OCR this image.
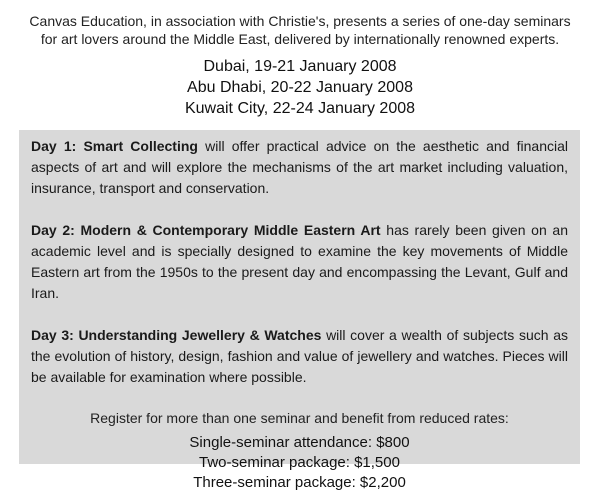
Canvas Education, in association with Christie's, presents a series of one-day seminars for art lovers around the Middle East, delivered by internationally renowned experts.
Dubai, 19-21 January 2008
Abu Dhabi, 20-22 January 2008
Kuwait City, 22-24 January 2008

Day 1: Smart Collecting will offer practical advice on the aesthetic and financial aspects of art and will explore the mechanisms of the art market including valuation, insurance, transport and conservation.

Day 2: Modern & Contemporary Middle Eastern Art has rarely been given on an academic level and is specially designed to examine the key movements of Middle Eastern art from the 1950s to the present day and encompassing the Levant, Gulf and Iran.

Day 3: Understanding Jewellery & Watches will cover a wealth of subjects such as the evolution of history, design, fashion and value of jewellery and watches. Pieces will be available for examination where possible.

Register for more than one seminar and benefit from reduced rates:
Single-seminar attendance: $800
Two-seminar package: $1,500
Three-seminar package: $2,200
